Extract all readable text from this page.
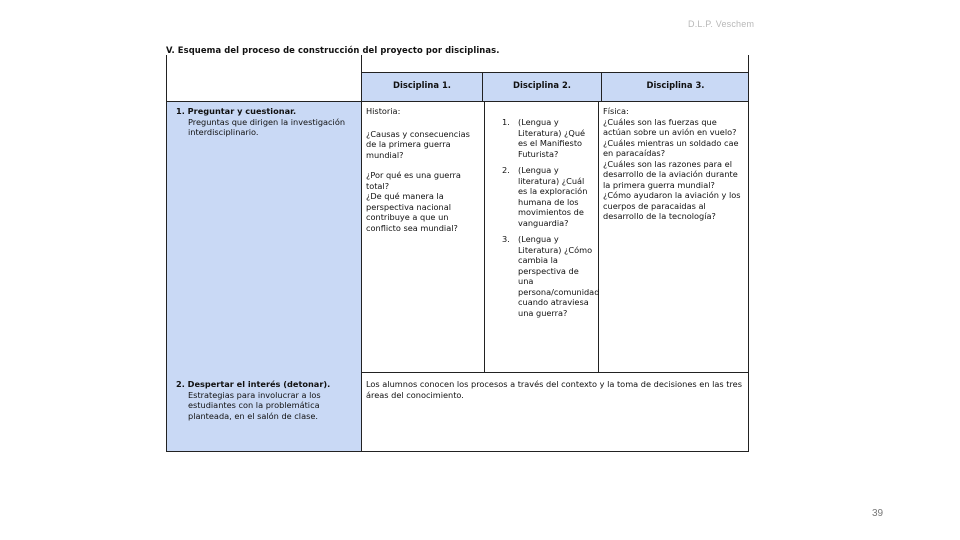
D.L.P. Veschem
V. Esquema del proceso de construcción del proyecto por disciplinas.
Disciplina 1.	Disciplina 2.	Disciplina 3.
1. Preguntar y cuestionar.
Preguntas que dirigen la investigación interdisciplinario.
Historia:
¿Causas y consecuencias de la primera guerra mundial?
¿Por qué es una guerra total?
¿De qué manera la perspectiva nacional contribuye a que un conflicto sea mundial?
1. (Lengua y Literatura) ¿Qué es el Manifiesto Futurista?
2. (Lengua y literatura) ¿Cuál es la exploración humana de los movimientos de vanguardia?
3. (Lengua y Literatura) ¿Cómo cambia la perspectiva de una persona/comunidad cuando atraviesa una guerra?
Física:
¿Cuáles son las fuerzas que actúan sobre un avión en vuelo? ¿Cuáles mientras un soldado cae en paracaídas?
¿Cuáles son las razones para el desarrollo de la aviación durante la primera guerra mundial?
¿Cómo ayudaron la aviación y los cuerpos de paracaidas al desarrollo de la tecnología?
2. Despertar el interés (detonar).
Estrategias para involucrar a los estudiantes con la problemática planteada, en el salón de clase.
Los alumnos conocen los procesos a través del contexto y la toma de decisiones en las tres áreas del conocimiento.
39
